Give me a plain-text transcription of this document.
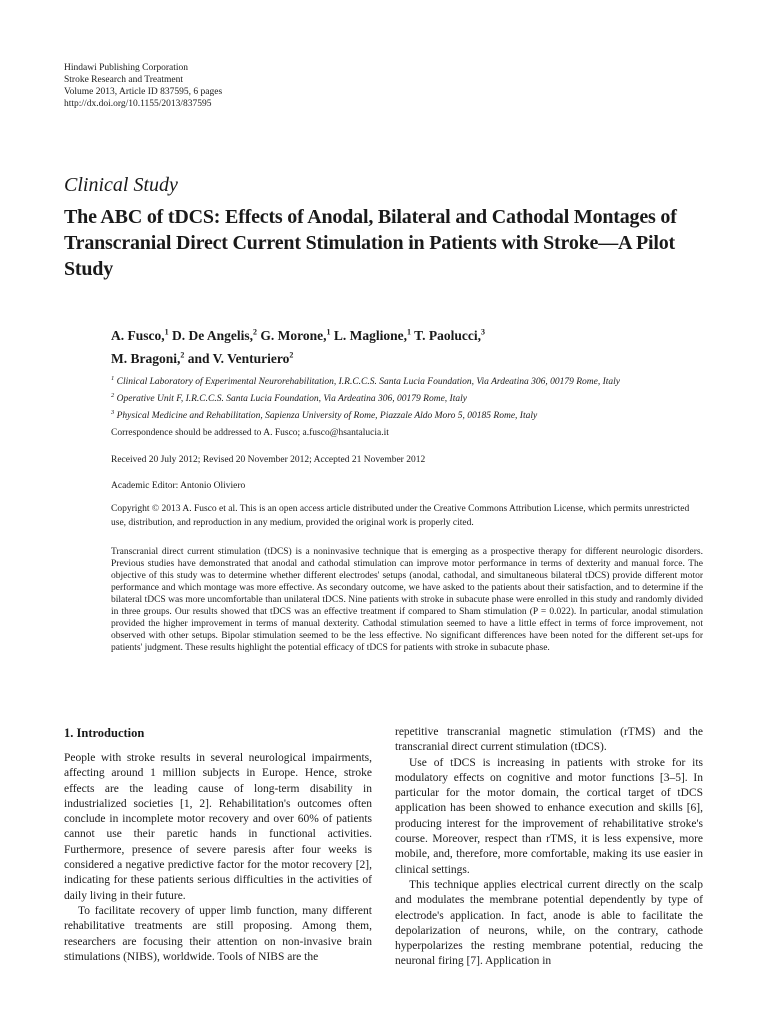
Hindawi Publishing Corporation
Stroke Research and Treatment
Volume 2013, Article ID 837595, 6 pages
http://dx.doi.org/10.1155/2013/837595
Clinical Study
The ABC of tDCS: Effects of Anodal, Bilateral and Cathodal Montages of Transcranial Direct Current Stimulation in Patients with Stroke—A Pilot Study
A. Fusco,$^1$ D. De Angelis,$^2$ G. Morone,$^1$ L. Maglione,$^1$ T. Paolucci,$^3$
M. Bragoni,$^2$ and V. Venturiero$^2$
$^1$ Clinical Laboratory of Experimental Neurorehabilitation, I.R.C.C.S. Santa Lucia Foundation, Via Ardeatina 306, 00179 Rome, Italy
$^2$ Operative Unit F, I.R.C.C.S. Santa Lucia Foundation, Via Ardeatina 306, 00179 Rome, Italy
$^3$ Physical Medicine and Rehabilitation, Sapienza University of Rome, Piazzale Aldo Moro 5, 00185 Rome, Italy
Correspondence should be addressed to A. Fusco; a.fusco@hsantalucia.it
Received 20 July 2012; Revised 20 November 2012; Accepted 21 November 2012
Academic Editor: Antonio Oliviero
Copyright © 2013 A. Fusco et al. This is an open access article distributed under the Creative Commons Attribution License, which permits unrestricted use, distribution, and reproduction in any medium, provided the original work is properly cited.
Transcranial direct current stimulation (tDCS) is a noninvasive technique that is emerging as a prospective therapy for different neurologic disorders. Previous studies have demonstrated that anodal and cathodal stimulation can improve motor performance in terms of dexterity and manual force. The objective of this study was to determine whether different electrodes' setups (anodal, cathodal, and simultaneous bilateral tDCS) provide different motor performance and which montage was more effective. As secondary outcome, we have asked to the patients about their satisfaction, and to determine if the bilateral tDCS was more uncomfortable than unilateral tDCS. Nine patients with stroke in subacute phase were enrolled in this study and randomly divided in three groups. Our results showed that tDCS was an effective treatment if compared to Sham stimulation (P = 0.022). In particular, anodal stimulation provided the higher improvement in terms of manual dexterity. Cathodal stimulation seemed to have a little effect in terms of force improvement, not observed with other setups. Bipolar stimulation seemed to be the less effective. No significant differences have been noted for the different set-ups for patients' judgment. These results highlight the potential efficacy of tDCS for patients with stroke in subacute phase.
1. Introduction

People with stroke results in several neurological impairments, affecting around 1 million subjects in Europe. Hence, stroke effects are the leading cause of long-term disability in industrialized societies [1, 2]. Rehabilitation's outcomes often conclude in incomplete motor recovery and over 60% of patients cannot use their paretic hands in functional activities. Furthermore, presence of severe paresis after four weeks is considered a negative predictive factor for the motor recovery [2], indicating for these patients serious difficulties in the activities of daily living in their future.

To facilitate recovery of upper limb function, many different rehabilitative treatments are still proposing. Among them, researchers are focusing their attention on non-invasive brain stimulations (NIBS), worldwide. Tools of NIBS are the

repetitive transcranial magnetic stimulation (rTMS) and the transcranial direct current stimulation (tDCS).

Use of tDCS is increasing in patients with stroke for its modulatory effects on cognitive and motor functions [3–5]. In particular for the motor domain, the cortical target of tDCS application has been showed to enhance execution and skills [6], producing interest for the improvement of rehabilitative stroke's course. Moreover, respect than rTMS, it is less expensive, more mobile, and, therefore, more comfortable, making its use easier in clinical settings.

This technique applies electrical current directly on the scalp and modulates the membrane potential dependently by type of electrode's application. In fact, anode is able to facilitate the depolarization of neurons, while, on the contrary, cathode hyperpolarizes the resting membrane potential, reducing the neuronal firing [7]. Application in
